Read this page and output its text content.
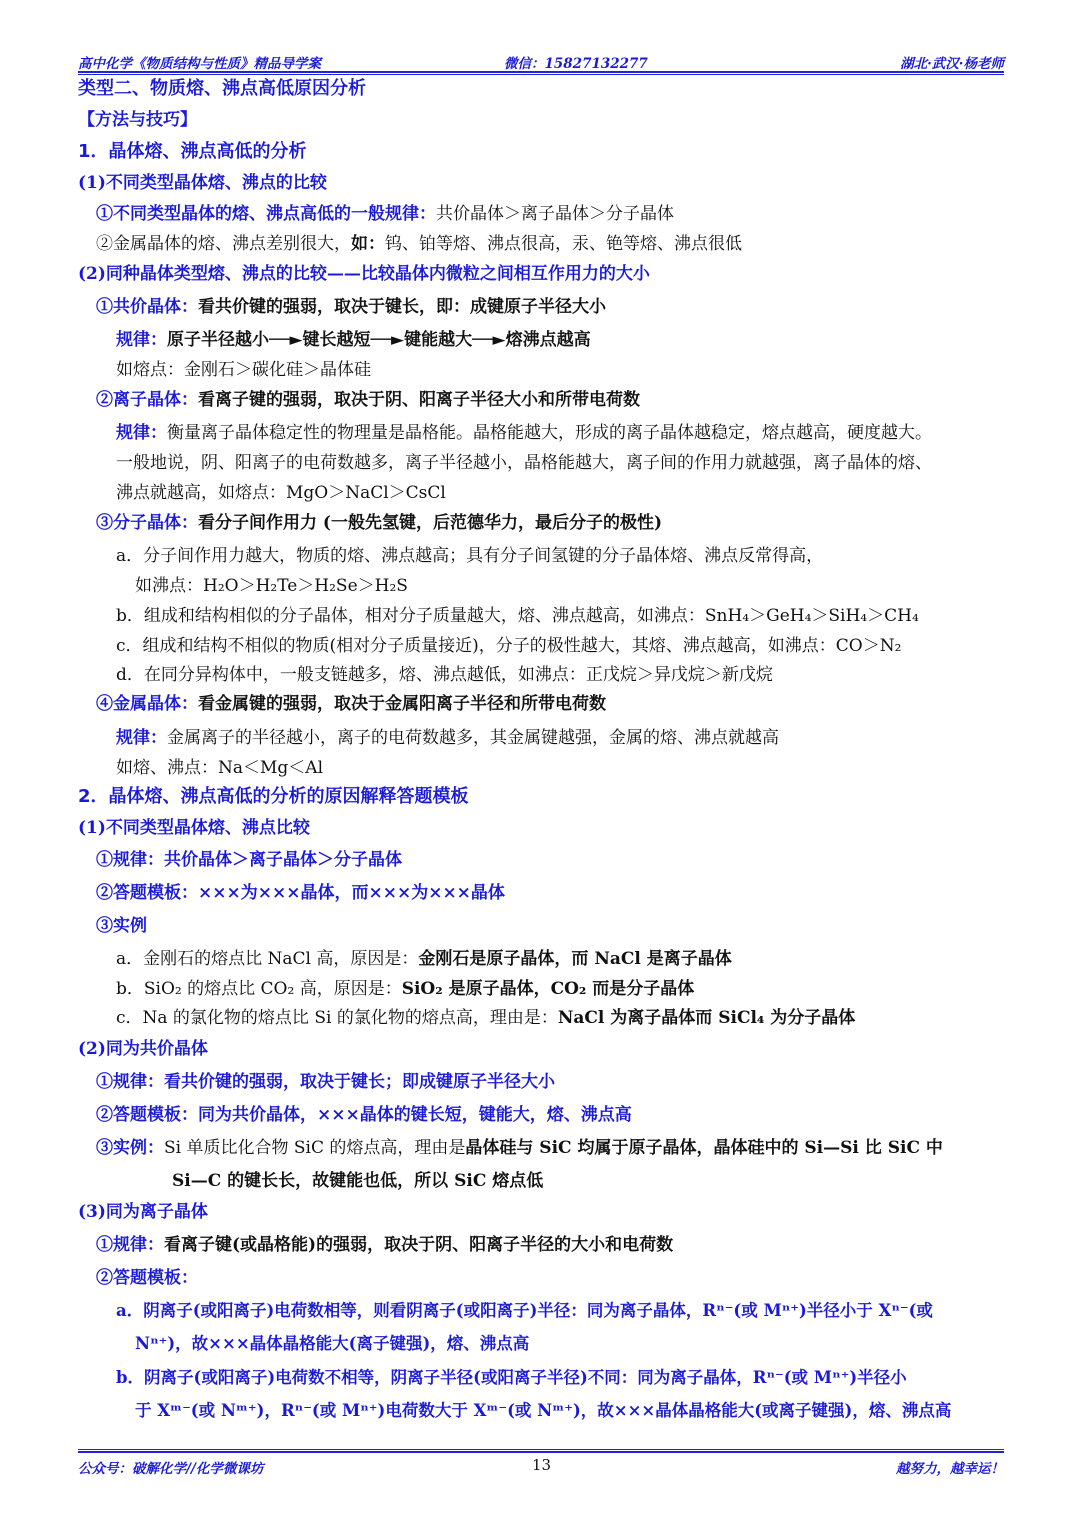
高中化学《物质结构与性质》精品导学案	微信：15827132277	湖北·武汉·杨老师
类型二、物质熔、沸点高低原因分析
【方法与技巧】
1．晶体熔、沸点高低的分析
(1)不同类型晶体熔、沸点的比较
①不同类型晶体的熔、沸点高低的一般规律：共价晶体＞离子晶体＞分子晶体
②金属晶体的熔、沸点差别很大，如：钨、铂等熔、沸点很高，汞、铯等熔、沸点很低
(2)同种晶体类型熔、沸点的比较——比较晶体内微粒之间相互作用力的大小
①共价晶体：看共价键的强弱，取决于键长，即：成键原子半径大小
规律：原子半径越小──►键长越短──►键能越大──►熔沸点越高
如熔点：金刚石＞碳化硅＞晶体硅
②离子晶体：看离子键的强弱，取决于阴、阳离子半径大小和所带电荷数
规律：衡量离子晶体稳定性的物理量是晶格能。晶格能越大，形成的离子晶体越稳定，熔点越高，硬度越大。
一般地说，阴、阳离子的电荷数越多，离子半径越小，晶格能越大，离子间的作用力就越强，离子晶体的熔、
沸点就越高，如熔点：MgO＞NaCl＞CsCl
③分子晶体：看分子间作用力 (一般先氢键，后范德华力，最后分子的极性)
a．分子间作用力越大，物质的熔、沸点越高；具有分子间氢键的分子晶体熔、沸点反常得高，
如沸点：H₂O＞H₂Te＞H₂Se＞H₂S
b．组成和结构相似的分子晶体，相对分子质量越大，熔、沸点越高，如沸点：SnH₄＞GeH₄＞SiH₄＞CH₄
c．组成和结构不相似的物质(相对分子质量接近)，分子的极性越大，其熔、沸点越高，如沸点：CO＞N₂
d．在同分异构体中，一般支链越多，熔、沸点越低，如沸点：正戊烷＞异戊烷＞新戊烷
④金属晶体：看金属键的强弱，取决于金属阳离子半径和所带电荷数
规律：金属离子的半径越小，离子的电荷数越多，其金属键越强，金属的熔、沸点就越高
如熔、沸点：Na＜Mg＜Al
2．晶体熔、沸点高低的分析的原因解释答题模板
(1)不同类型晶体熔、沸点比较
①规律：共价晶体＞离子晶体＞分子晶体
②答题模板：×××为×××晶体，而×××为×××晶体
③实例
a．金刚石的熔点比 NaCl 高，原因是：金刚石是原子晶体，而 NaCl 是离子晶体
b．SiO₂ 的熔点比 CO₂ 高，原因是：SiO₂ 是原子晶体，CO₂ 而是分子晶体
c．Na 的氯化物的熔点比 Si 的氯化物的熔点高，理由是：NaCl 为离子晶体而 SiCl₄ 为分子晶体
(2)同为共价晶体
①规律：看共价键的强弱，取决于键长；即成键原子半径大小
②答题模板：同为共价晶体，×××晶体的键长短，键能大，熔、沸点高
③实例：Si 单质比化合物 SiC 的熔点高，理由是晶体硅与 SiC 均属于原子晶体，晶体硅中的 Si—Si 比 SiC 中
Si—C 的键长长，故键能也低，所以 SiC 熔点低
(3)同为离子晶体
①规律：看离子键(或晶格能)的强弱，取决于阴、阳离子半径的大小和电荷数
②答题模板：
a．阴离子(或阳离子)电荷数相等，则看阴离子(或阳离子)半径：同为离子晶体，Rⁿ⁻(或 Mⁿ⁺)半径小于 Xⁿ⁻(或
Nⁿ⁺)，故×××晶体晶格能大(离子键强)，熔、沸点高
b．阴离子(或阳离子)电荷数不相等，阴离子半径(或阳离子半径)不同：同为离子晶体，Rⁿ⁻(或 Mⁿ⁺)半径小
于 Xᵐ⁻(或 Nᵐ⁺)，Rⁿ⁻(或 Mⁿ⁺)电荷数大于 Xᵐ⁻(或 Nᵐ⁺)，故×××晶体晶格能大(或离子键强)，熔、沸点高
公众号：破解化学//化学微课坊	13	越努力，越幸运！
